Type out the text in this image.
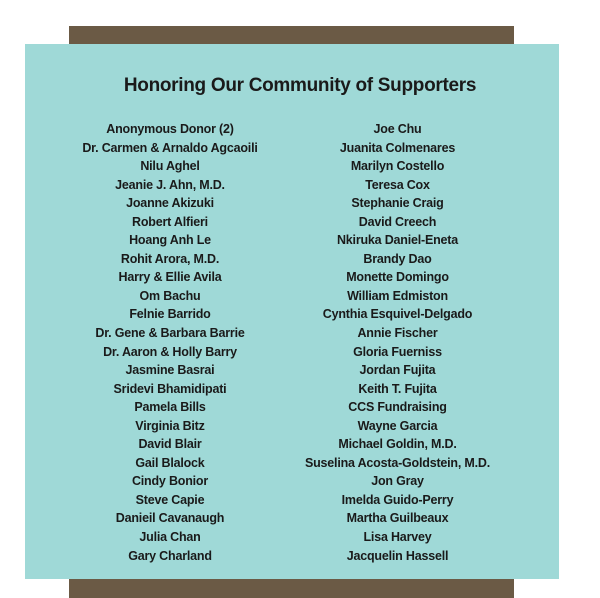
Honoring Our Community of Supporters
Anonymous Donor (2)
Dr. Carmen & Arnaldo Agcaoili
Nilu Aghel
Jeanie J. Ahn, M.D.
Joanne Akizuki
Robert Alfieri
Hoang Anh Le
Rohit Arora, M.D.
Harry & Ellie Avila
Om Bachu
Felnie Barrido
Dr. Gene & Barbara Barrie
Dr. Aaron & Holly Barry
Jasmine Basrai
Sridevi Bhamidipati
Pamela Bills
Virginia Bitz
David Blair
Gail Blalock
Cindy Bonior
Steve Capie
Danieil Cavanaugh
Julia Chan
Gary Charland
Joe Chu
Juanita Colmenares
Marilyn Costello
Teresa Cox
Stephanie Craig
David Creech
Nkiruka Daniel-Eneta
Brandy Dao
Monette Domingo
William Edmiston
Cynthia Esquivel-Delgado
Annie Fischer
Gloria Fuerniss
Jordan Fujita
Keith T. Fujita
CCS Fundraising
Wayne Garcia
Michael Goldin, M.D.
Suselina Acosta-Goldstein, M.D.
Jon Gray
Imelda Guido-Perry
Martha Guilbeaux
Lisa Harvey
Jacquelin Hassell
